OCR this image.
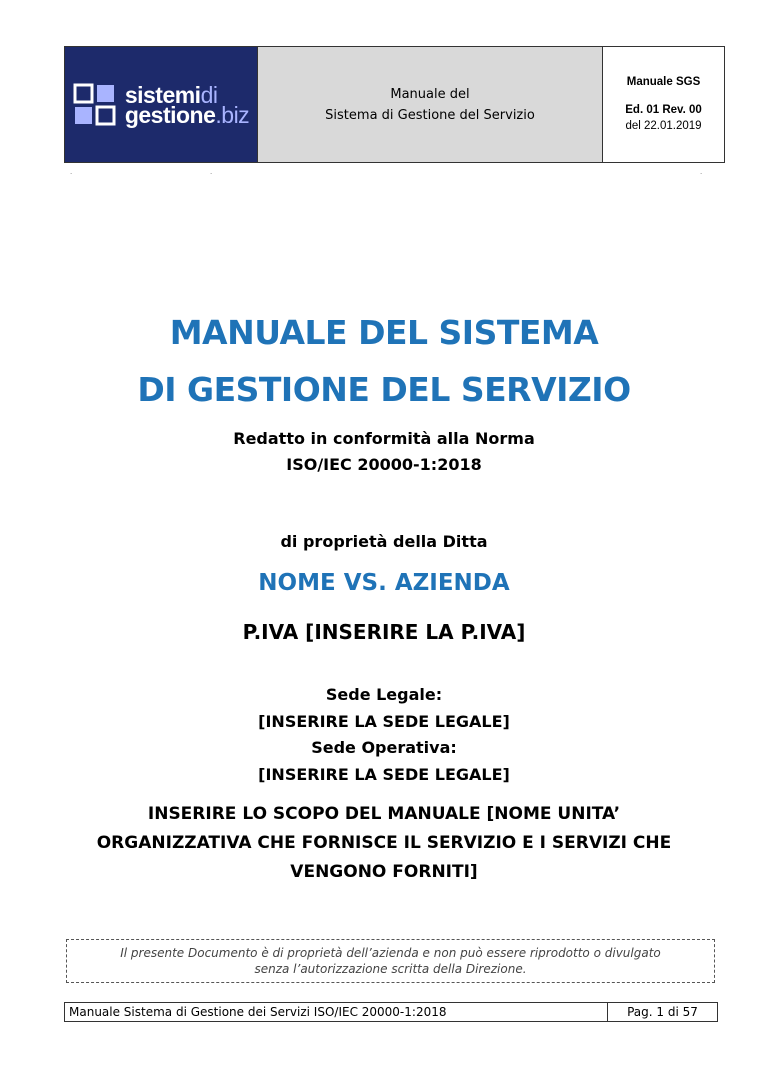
sistemidi
gestione.biz
Manuale del
Sistema di Gestione del Servizio
Manuale SGS
Ed. 01 Rev. 00
del 22.01.2019
.	.	.
MANUALE DEL SISTEMA
DI GESTIONE DEL SERVIZIO
Redatto in conformità alla Norma
ISO/IEC 20000-1:2018
di proprietà della Ditta
NOME VS. AZIENDA
P.IVA [INSERIRE LA P.IVA]
Sede Legale:
[INSERIRE LA SEDE LEGALE]
Sede Operativa:
[INSERIRE LA SEDE LEGALE]
INSERIRE LO SCOPO DEL MANUALE [NOME UNITA’
ORGANIZZATIVA CHE FORNISCE IL SERVIZIO E I SERVIZI CHE
VENGONO FORNITI]
Il presente Documento è di proprietà dell’azienda e non può essere riprodotto o divulgato
senza l’autorizzazione scritta della Direzione.
Manuale Sistema di Gestione dei Servizi ISO/IEC 20000-1:2018	Pag. 1 di 57
